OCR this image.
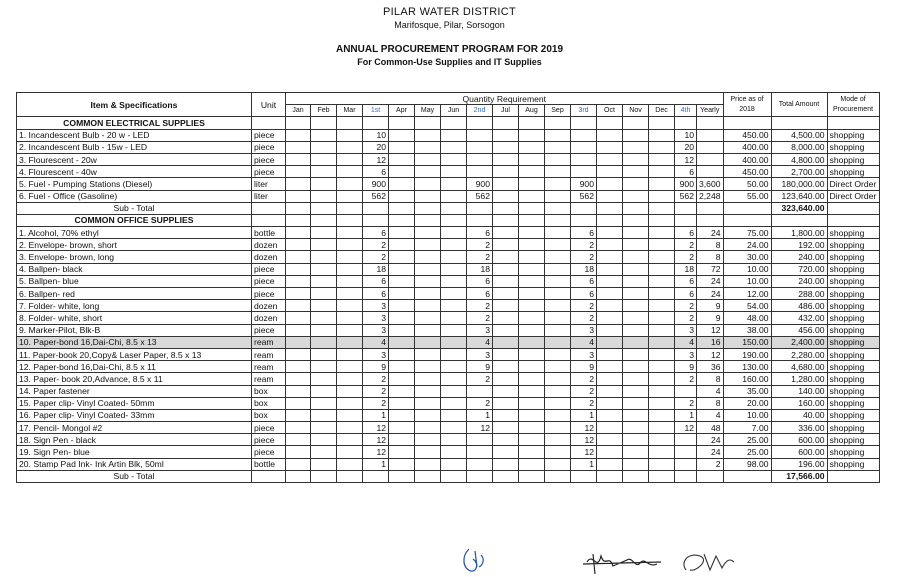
PILAR WATER DISTRICT
Marifosque, Pilar, Sorsogon
ANNUAL PROCUREMENT PROGRAM FOR 2019
For Common-Use Supplies and IT Supplies
Item & Specifications	Unit	Quantity Requirement																	Price as of 2018	Total Amount	Mode of Procurement
		Jan	Feb	Mar	1st	Apr	May	Jun	2nd	Jul	Aug	Sep	3rd	Oct	Nov	Dec	4th	Yearly			
COMMON ELECTRICAL SUPPLIES																					
1. Incandescent Bulb - 20 w - LED	piece				10												10		450.00	4,500.00	shopping
2. Incandescent Bulb - 15w - LED	piece				20												20		400.00	8,000.00	shopping
3. Flourescent - 20w	piece				12												12		400.00	4,800.00	shopping
4. Flourescent - 40w	piece				6												6		450.00	2,700.00	shopping
5. Fuel - Pumping Stations (Diesel)	liter				900				900				900				900	3,600	50.00	180,000.00	Direct Order
6. Fuel - Office (Gasoline)	liter				562				562				562				562	2,248	55.00	123,640.00	Direct Order
Sub - Total																				323,640.00	
COMMON OFFICE SUPPLIES																					
1. Alcohol, 70% ethyl	bottle				6				6				6				6	24	75.00	1,800.00	shopping
2. Envelope- brown, short	dozen				2				2				2				2	8	24.00	192.00	shopping
3. Envelope- brown, long	dozen				2				2				2				2	8	30.00	240.00	shopping
4. Ballpen- black	piece				18				18				18				18	72	10.00	720.00	shopping
5. Ballpen- blue	piece				6				6				6				6	24	10.00	240.00	shopping
6. Ballpen- red	piece				6				6				6				6	24	12.00	288.00	shopping
7. Folder- white, long	dozen				3				2				2				2	9	54.00	486.00	shopping
8. Folder- white, short	dozen				3				2				2				2	9	48.00	432.00	shopping
9. Marker-Pilot, Blk-B	piece				3				3				3				3	12	38.00	456.00	shopping
10. Paper-bond 16,Dai-Chi, 8.5 x 13	ream				4				4				4				4	16	150.00	2,400.00	shopping
11. Paper-book 20,Copy& Laser Paper, 8.5 x 13	ream				3				3				3				3	12	190.00	2,280.00	shopping
12. Paper-bond 16,Dai-Chi, 8.5 x 11	ream				9				9				9				9	36	130.00	4,680.00	shopping
13. Paper- book 20,Advance, 8.5 x 11	ream				2				2				2				2	8	160.00	1,280.00	shopping
14. Paper fastener	box				2								2					4	35.00	140.00	shopping
15. Paper clip- Vinyl Coated- 50mm	box				2				2				2				2	8	20.00	160.00	shopping
16. Paper clip- Vinyl Coated- 33mm	box				1				1				1				1	4	10.00	40.00	shopping
17. Pencil- Mongol #2	piece				12				12				12				12	48	7.00	336.00	shopping
18. Sign Pen - black	piece				12								12					24	25.00	600.00	shopping
19. Sign Pen- blue	piece				12								12					24	25.00	600.00	shopping
20. Stamp Pad Ink- Ink Artin Blk, 50ml	bottle				1								1					2	98.00	196.00	shopping
Sub - Total																				17,566.00	
